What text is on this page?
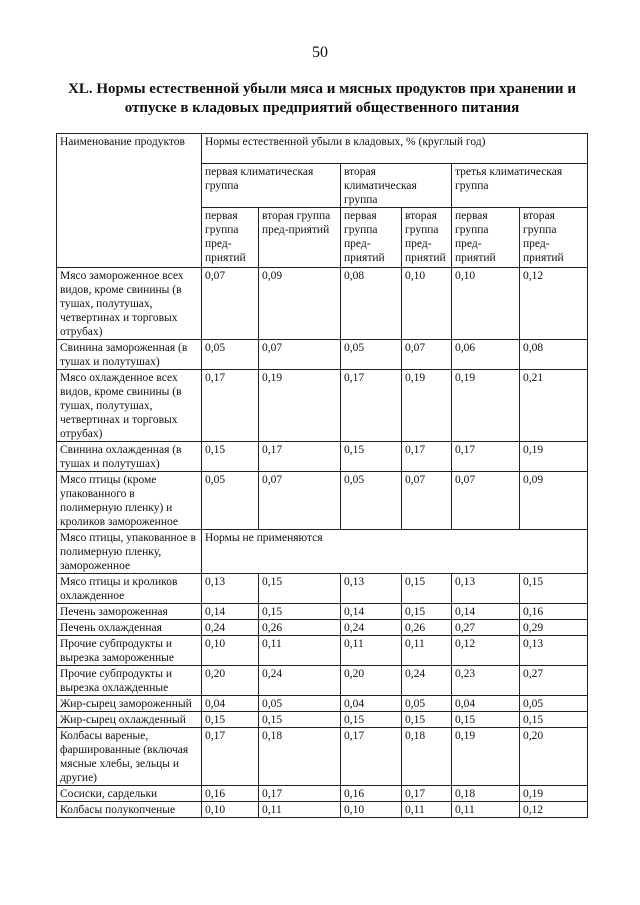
50
XL. Нормы естественной убыли мяса и мясных продуктов при хранении и отпуске в кладовых предприятий общественного питания
Наименование продуктов	Нормы естественной убыли в кладовых, % (круглый год)					
	первая климатическая группа		вторая климатическая группа		третья климатическая группа	
	первая группа пред-приятий	вторая группа пред-приятий	первая группа пред-приятий	вторая группа пред-приятий	первая группа пред-приятий	вторая группа пред-приятий
Мясо замороженное всех видов, кроме свинины (в тушах, полутушах, четвертинах и торговых отрубах)	0,07	0,09	0,08	0,10	0,10	0,12
Свинина замороженная (в тушах и полутушах)	0,05	0,07	0,05	0,07	0,06	0,08
Мясо охлажденное всех видов, кроме свинины (в тушах, полутушах, четвертинах и торговых отрубах)	0,17	0,19	0,17	0,19	0,19	0,21
Свинина охлажденная (в тушах и полутушах)	0,15	0,17	0,15	0,17	0,17	0,19
Мясо птицы (кроме упакованного в полимерную пленку) и кроликов замороженное	0,05	0,07	0,05	0,07	0,07	0,09
Мясо птицы, упакованное в полимерную пленку, замороженное	Нормы не применяются					
Мясо птицы и кроликов охлажденное	0,13	0,15	0,13	0,15	0,13	0,15
Печень замороженная	0,14	0,15	0,14	0,15	0,14	0,16
Печень охлажденная	0,24	0,26	0,24	0,26	0,27	0,29
Прочие субпродукты и вырезка замороженные	0,10	0,11	0,11	0,11	0,12	0,13
Прочие субпродукты и вырезка охлажденные	0,20	0,24	0,20	0,24	0,23	0,27
Жир-сырец замороженный	0,04	0,05	0,04	0,05	0,04	0,05
Жир-сырец охлажденный	0,15	0,15	0,15	0,15	0,15	0,15
Колбасы вареные, фаршированные (включая мясные хлебы, зельцы и другие)	0,17	0,18	0,17	0,18	0,19	0,20
Сосиски, сардельки	0,16	0,17	0,16	0,17	0,18	0,19
Колбасы полукопченые	0,10	0,11	0,10	0,11	0,11	0,12
